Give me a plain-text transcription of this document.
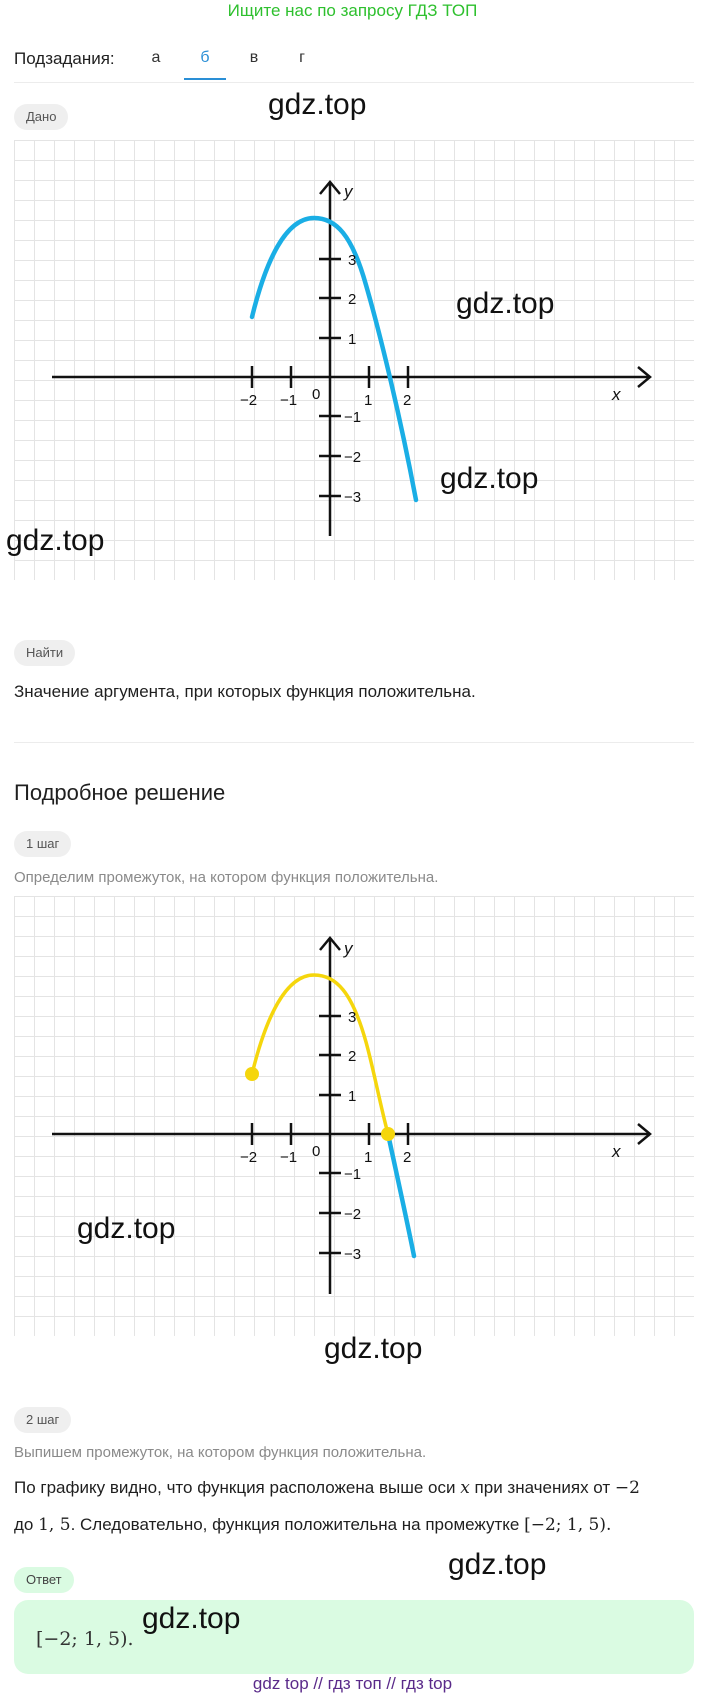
Ищите нас по запросу ГДЗ ТОП
Подзадания:	а	б	в	г
Дано	gdz.top
−2 −1 0	1 2	x
y
1
2
3
−1
−2
−3
gdz.top
gdz.top
gdz.top
Найти
Значение аргумента, при которых функция положительна.
Подробное решение
1 шаг
Определим промежуток, на котором функция положительна.
−2 −1 0	1 2	x
y
1
2
3
−1
−2
−3
gdz.top
gdz.top
2 шаг
Выпишем промежуток, на котором функция положительна.
По графику видно, что функция расположена выше оси x при значениях от −2
до 1, 5. Следовательно, функция положительна на промежутке [−2; 1, 5).
gdz.top
Ответ
[−2; 1, 5).
gdz.top
gdz top // гдз топ // гдз top
